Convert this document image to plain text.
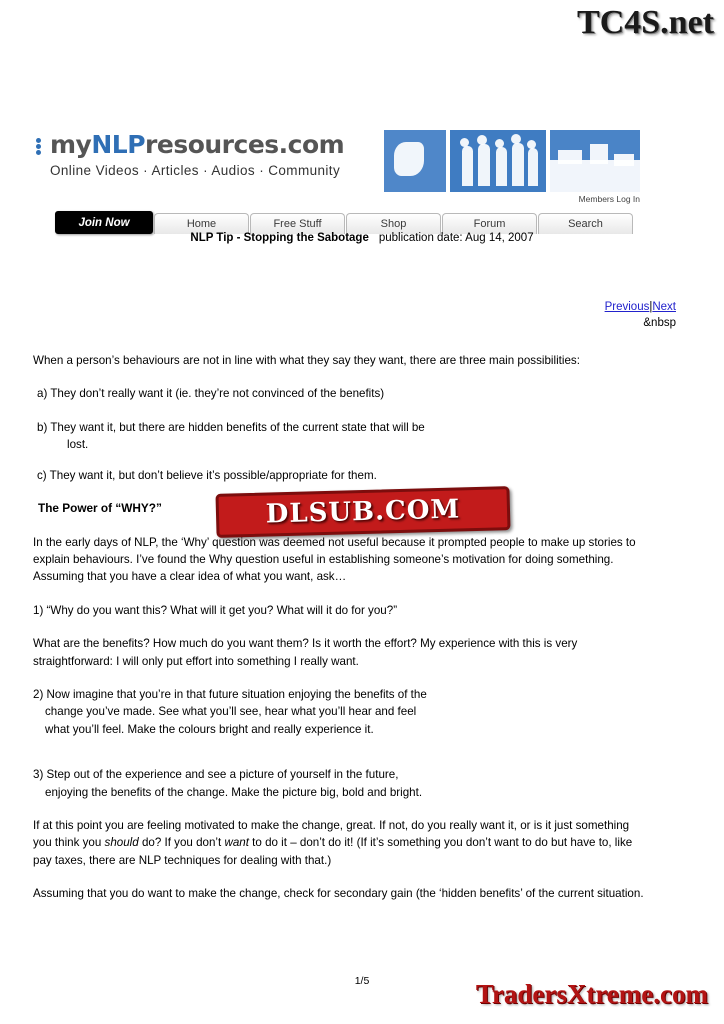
TC4S.net
myNLPresources.com
Online Videos · Articles · Audios · Community
Members Log In
Join Now	Home	Free Stuff	Shop	Forum	Search
NLP Tip - Stopping the Sabotage publication date: Aug 14, 2007
Previous|Next
&nbsp
When a person’s behaviours are not in line with what they say they want, there are three main possibilities:
a) They don’t really want it (ie. they’re not convinced of the benefits)
b) They want it, but there are hidden benefits of the current state that will be
lost.
c) They want it, but don’t believe it’s possible/appropriate for them.
The Power of “WHY?”
In the early days of NLP, the ‘Why’ question was deemed not useful because it prompted people to make up stories to
explain behaviours. I’ve found the Why question useful in establishing someone’s motivation for doing something.
Assuming that you have a clear idea of what you want, ask…
1) “Why do you want this? What will it get you? What will it do for you?”
What are the benefits? How much do you want them? Is it worth the effort? My experience with this is very
straightforward: I will only put effort into something I really want.
2) Now imagine that you’re in that future situation enjoying the benefits of the
change you’ve made. See what you’ll see, hear what you’ll hear and feel
what you’ll feel. Make the colours bright and really experience it.
3) Step out of the experience and see a picture of yourself in the future,
enjoying the benefits of the change. Make the picture big, bold and bright.
If at this point you are feeling motivated to make the change, great. If not, do you really want it, or is it just something
you think you should do? If you don’t want to do it – don’t do it! (If it’s something you don’t want to do but have to, like
pay taxes, there are NLP techniques for dealing with that.)
Assuming that you do want to make the change, check for secondary gain (the ‘hidden benefits’ of the current situation.
DLSUB.COM
1/5	TradersXtreme.com
